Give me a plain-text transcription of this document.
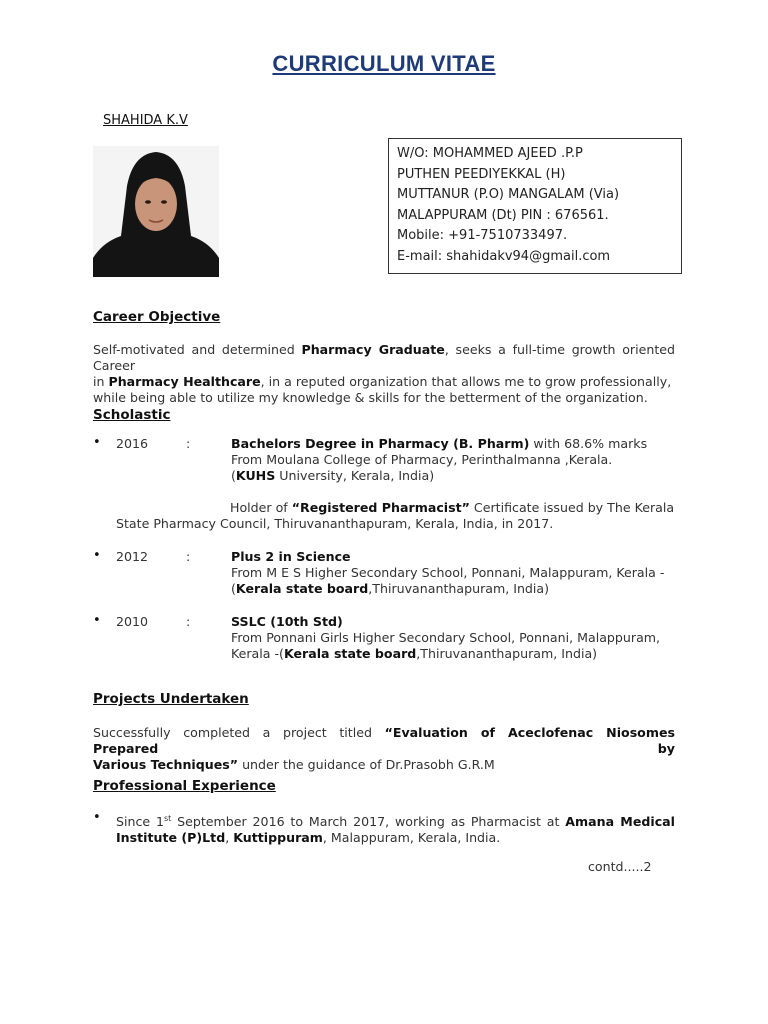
CURRICULUM VITAE
SHAHIDA K.V
W/O: MOHAMMED AJEED .P.P
PUTHEN PEEDIYEKKAL (H)
MUTTANUR (P.O) MANGALAM (Via)
MALAPPURAM (Dt) PIN : 676561.
Mobile: +91-7510733497.
E-mail: shahidakv94@gmail.com
Career Objective
Self-motivated and determined Pharmacy Graduate, seeks a full-time growth oriented Career
in Pharmacy Healthcare, in a reputed organization that allows me to grow professionally,
while being able to utilize my knowledge & skills for the betterment of the organization.
Scholastic
• 2016	:	Bachelors Degree in Pharmacy (B. Pharm) with 68.6% marks
From Moulana College of Pharmacy, Perinthalmanna ,Kerala.
(KUHS University, Kerala, India)
Holder of “Registered Pharmacist” Certificate issued by The Kerala
State Pharmacy Council, Thiruvananthapuram, Kerala, India, in 2017.
• 2012	:	Plus 2 in Science
From M E S Higher Secondary School, Ponnani, Malappuram, Kerala -
(Kerala state board,Thiruvananthapuram, India)
• 2010	:	SSLC (10th Std)
From Ponnani Girls Higher Secondary School, Ponnani, Malappuram,
Kerala -(Kerala state board,Thiruvananthapuram, India)
Projects Undertaken
Successfully completed a project titled “Evaluation of Aceclofenac Niosomes Prepared by
Various Techniques” under the guidance of Dr.Prasobh G.R.M
Professional Experience
• Since 1st September 2016 to March 2017, working as Pharmacist at Amana Medical
Institute (P)Ltd, Kuttippuram, Malappuram, Kerala, India.
contd.....2
